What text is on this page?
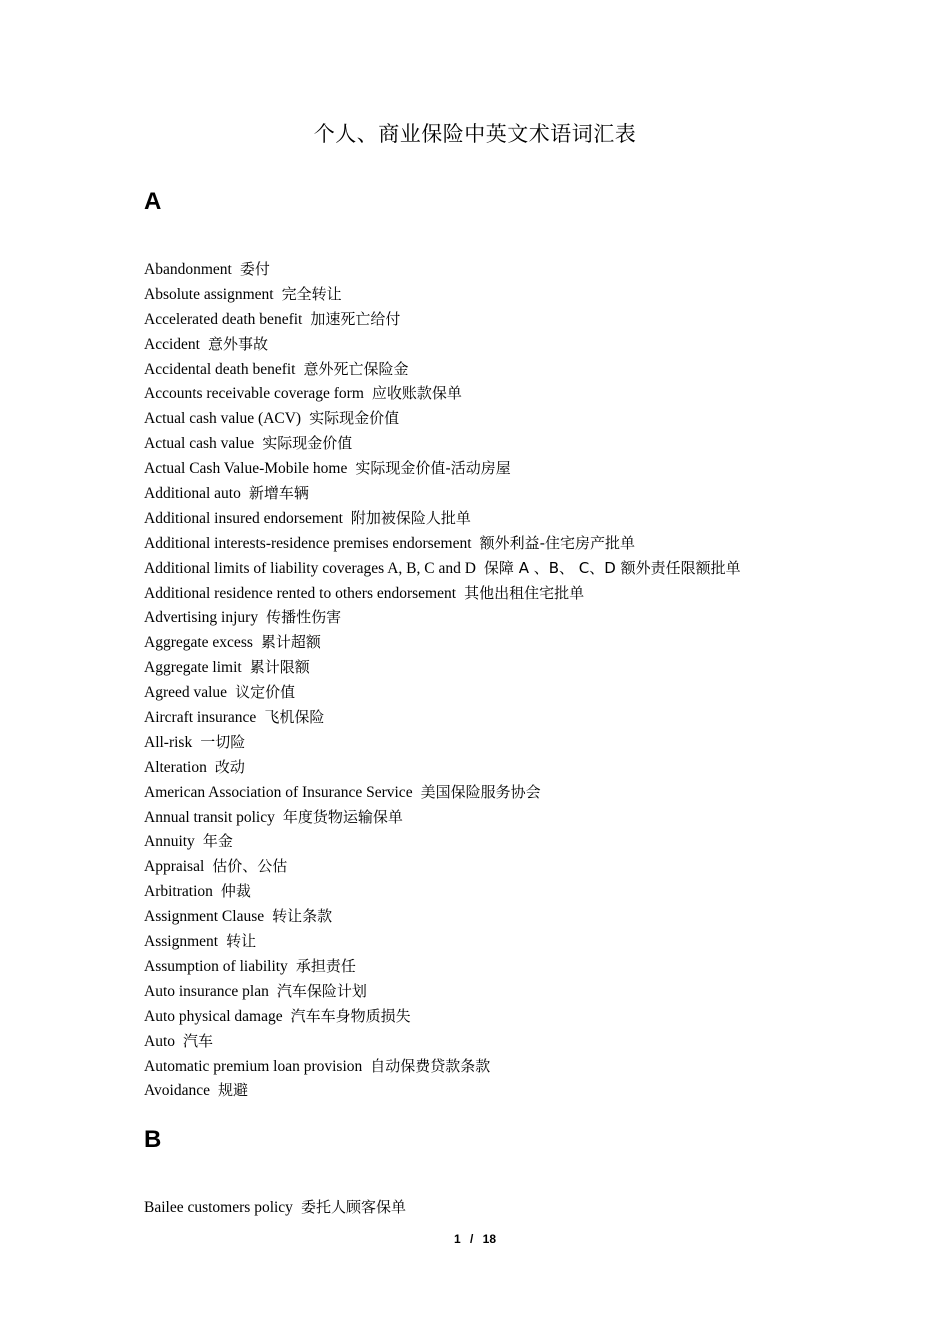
个人、商业保险中英文术语词汇表
A
Abandonment 委付
Absolute assignment 完全转让
Accelerated death benefit 加速死亡给付
Accident 意外事故
Accidental death benefit 意外死亡保险金
Accounts receivable coverage form 应收账款保单
Actual cash value (ACV) 实际现金价值
Actual cash value 实际现金价值
Actual Cash Value-Mobile home 实际现金价值-活动房屋
Additional auto 新增车辆
Additional insured endorsement 附加被保险人批单
Additional interests-residence premises endorsement 额外利益-住宅房产批单
Additional limits of liability coverages A, B, C and D 保障 A 、B、 C、D 额外责任限额批单
Additional residence rented to others endorsement 其他出租住宅批单
Advertising injury 传播性伤害
Aggregate excess 累计超额
Aggregate limit 累计限额
Agreed value 议定价值
Aircraft insurance 飞机保险
All-risk 一切险
Alteration 改动
American Association of Insurance Service 美国保险服务协会
Annual transit policy 年度货物运输保单
Annuity 年金
Appraisal 估价、公估
Arbitration 仲裁
Assignment Clause 转让条款
Assignment 转让
Assumption of liability 承担责任
Auto insurance plan 汽车保险计划
Auto physical damage 汽车车身物质损失
Auto 汽车
Automatic premium loan provision 自动保费贷款条款
Avoidance 规避
B
Bailee customers policy 委托人顾客保单
1 / 18
